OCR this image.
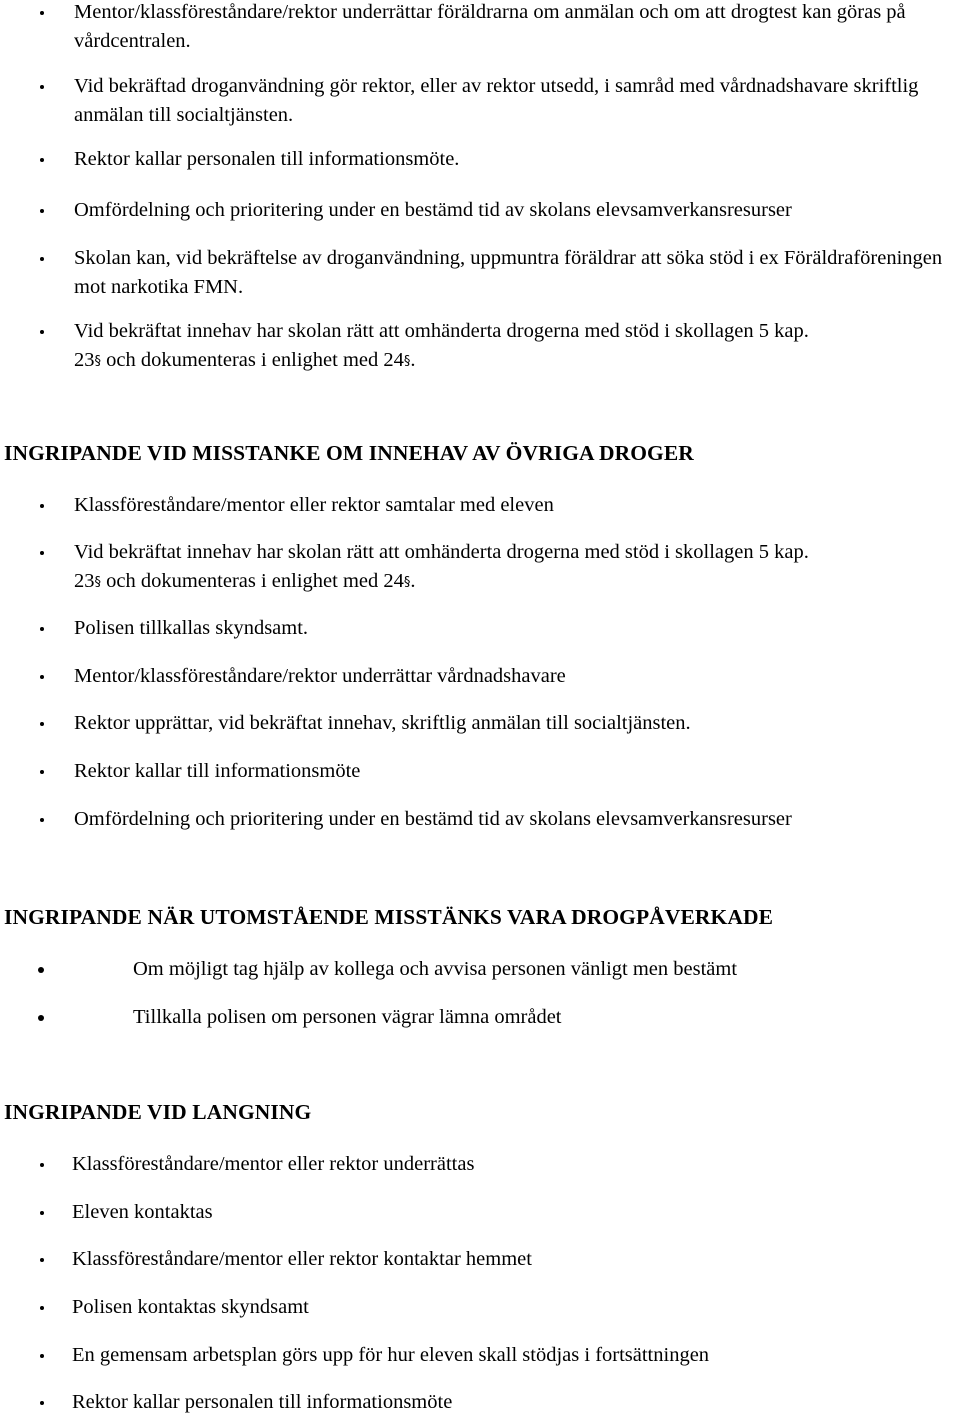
Mentor/klassföreståndare/rektor underrättar föräldrarna om anmälan och om att drogtest kan göras på vårdcentralen.

Vid bekräftad droganvändning gör rektor, eller av rektor utsedd, i samråd med vårdnadshavare skriftlig anmälan till socialtjänsten.

Rektor kallar personalen till informationsmöte.

Omfördelning och prioritering under en bestämd tid av skolans elevsamverkansresurser

Skolan kan, vid bekräftelse av droganvändning, uppmuntra föräldrar att söka stöd i ex Föräldraföreningen mot narkotika FMN.

Vid bekräftat innehav har skolan rätt att omhänderta drogerna med stöd i skollagen 5 kap.
23§ och dokumenteras i enlighet med 24§.

INGRIPANDE VID MISSTANKE OM INNEHAV AV ÖVRIGA DROGER

Klassföreståndare/mentor eller rektor samtalar med eleven

Vid bekräftat innehav har skolan rätt att omhänderta drogerna med stöd i skollagen 5 kap.
23§ och dokumenteras i enlighet med 24§.

Polisen tillkallas skyndsamt.

Mentor/klassföreståndare/rektor underrättar vårdnadshavare

Rektor upprättar, vid bekräftat innehav, skriftlig anmälan till socialtjänsten.

Rektor kallar till informationsmöte

Omfördelning och prioritering under en bestämd tid av skolans elevsamverkansresurser

INGRIPANDE NÄR UTOMSTÅENDE MISSTÄNKS VARA DROGPÅVERKADE

Om möjligt tag hjälp av kollega och avvisa personen vänligt men bestämt

Tillkalla polisen om personen vägrar lämna området

INGRIPANDE VID LANGNING

Klassföreståndare/mentor eller rektor underrättas

Eleven kontaktas

Klassföreståndare/mentor eller rektor kontaktar hemmet

Polisen kontaktas skyndsamt

En gemensam arbetsplan görs upp för hur eleven skall stödjas i fortsättningen

Rektor kallar personalen till informationsmöte
